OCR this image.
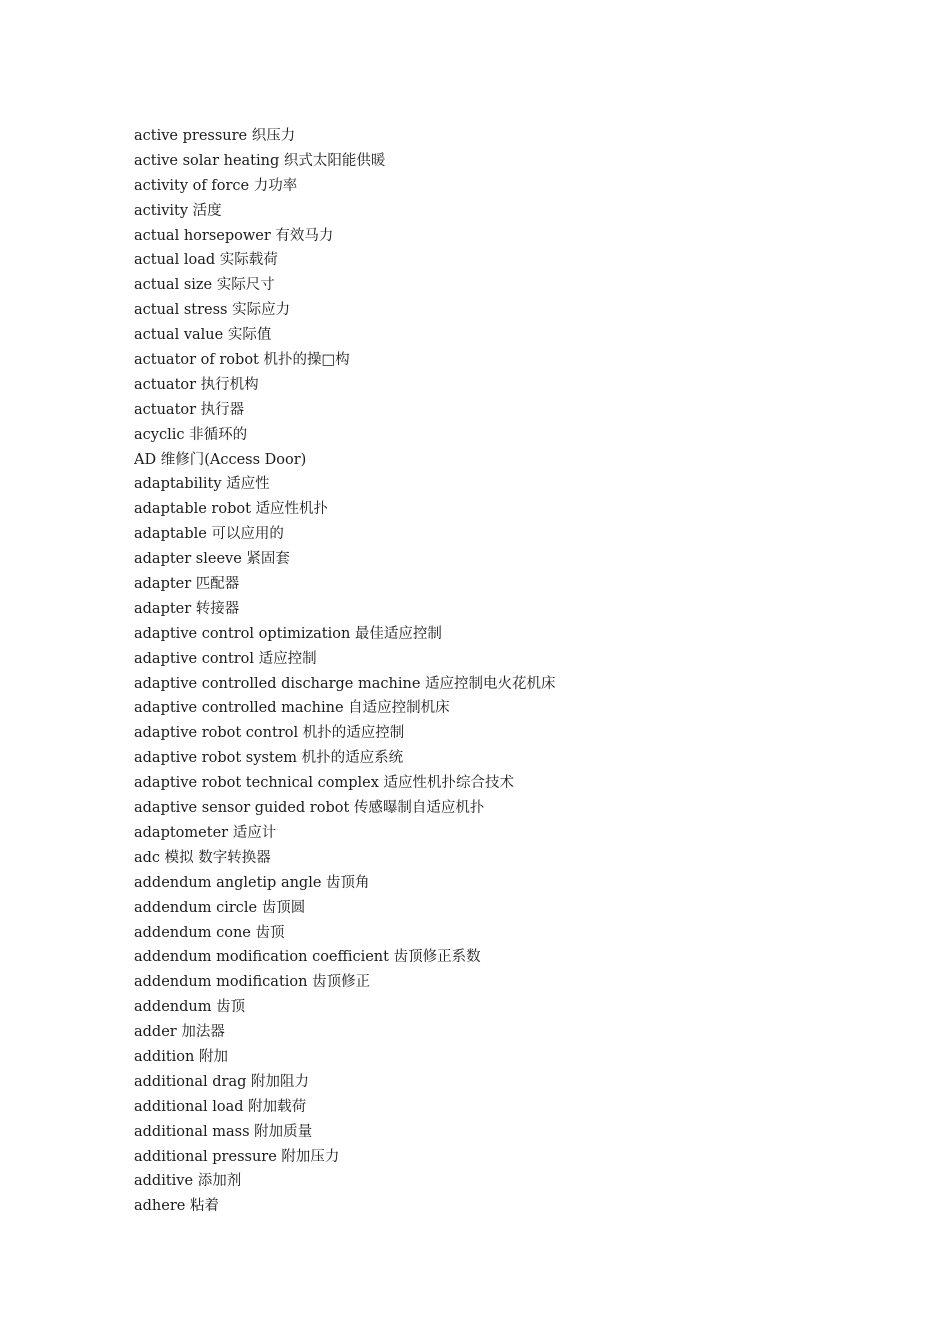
active pressure 织压力
active solar heating 织式太阳能供暖
activity of force 力功率
activity 活度
actual horsepower 有效马力
actual load 实际载荷
actual size 实际尺寸
actual stress 实际应力
actual value 实际值
actuator of robot 机扑的操□构
actuator 执行机构
actuator 执行器
acyclic 非循环的
AD 维修门(Access Door)
adaptability 适应性
adaptable robot 适应性机扑
adaptable 可以应用的
adapter sleeve 紧固套
adapter 匹配器
adapter 转接器
adaptive control optimization 最佳适应控制
adaptive control 适应控制
adaptive controlled discharge machine 适应控制电火花机床
adaptive controlled machine 自适应控制机床
adaptive robot control 机扑的适应控制
adaptive robot system 机扑的适应系统
adaptive robot technical complex 适应性机扑综合技术
adaptive sensor guided robot 传感曝制自适应机扑
adaptometer 适应计
adc 模拟 数字转换器
addendum angletip angle 齿顶角
addendum circle 齿顶圆
addendum cone 齿顶
addendum modification coefficient 齿顶修正系数
addendum modification 齿顶修正
addendum 齿顶
adder 加法器
addition 附加
additional drag 附加阻力
additional load 附加载荷
additional mass 附加质量
additional pressure 附加压力
additive 添加剂
adhere 粘着
